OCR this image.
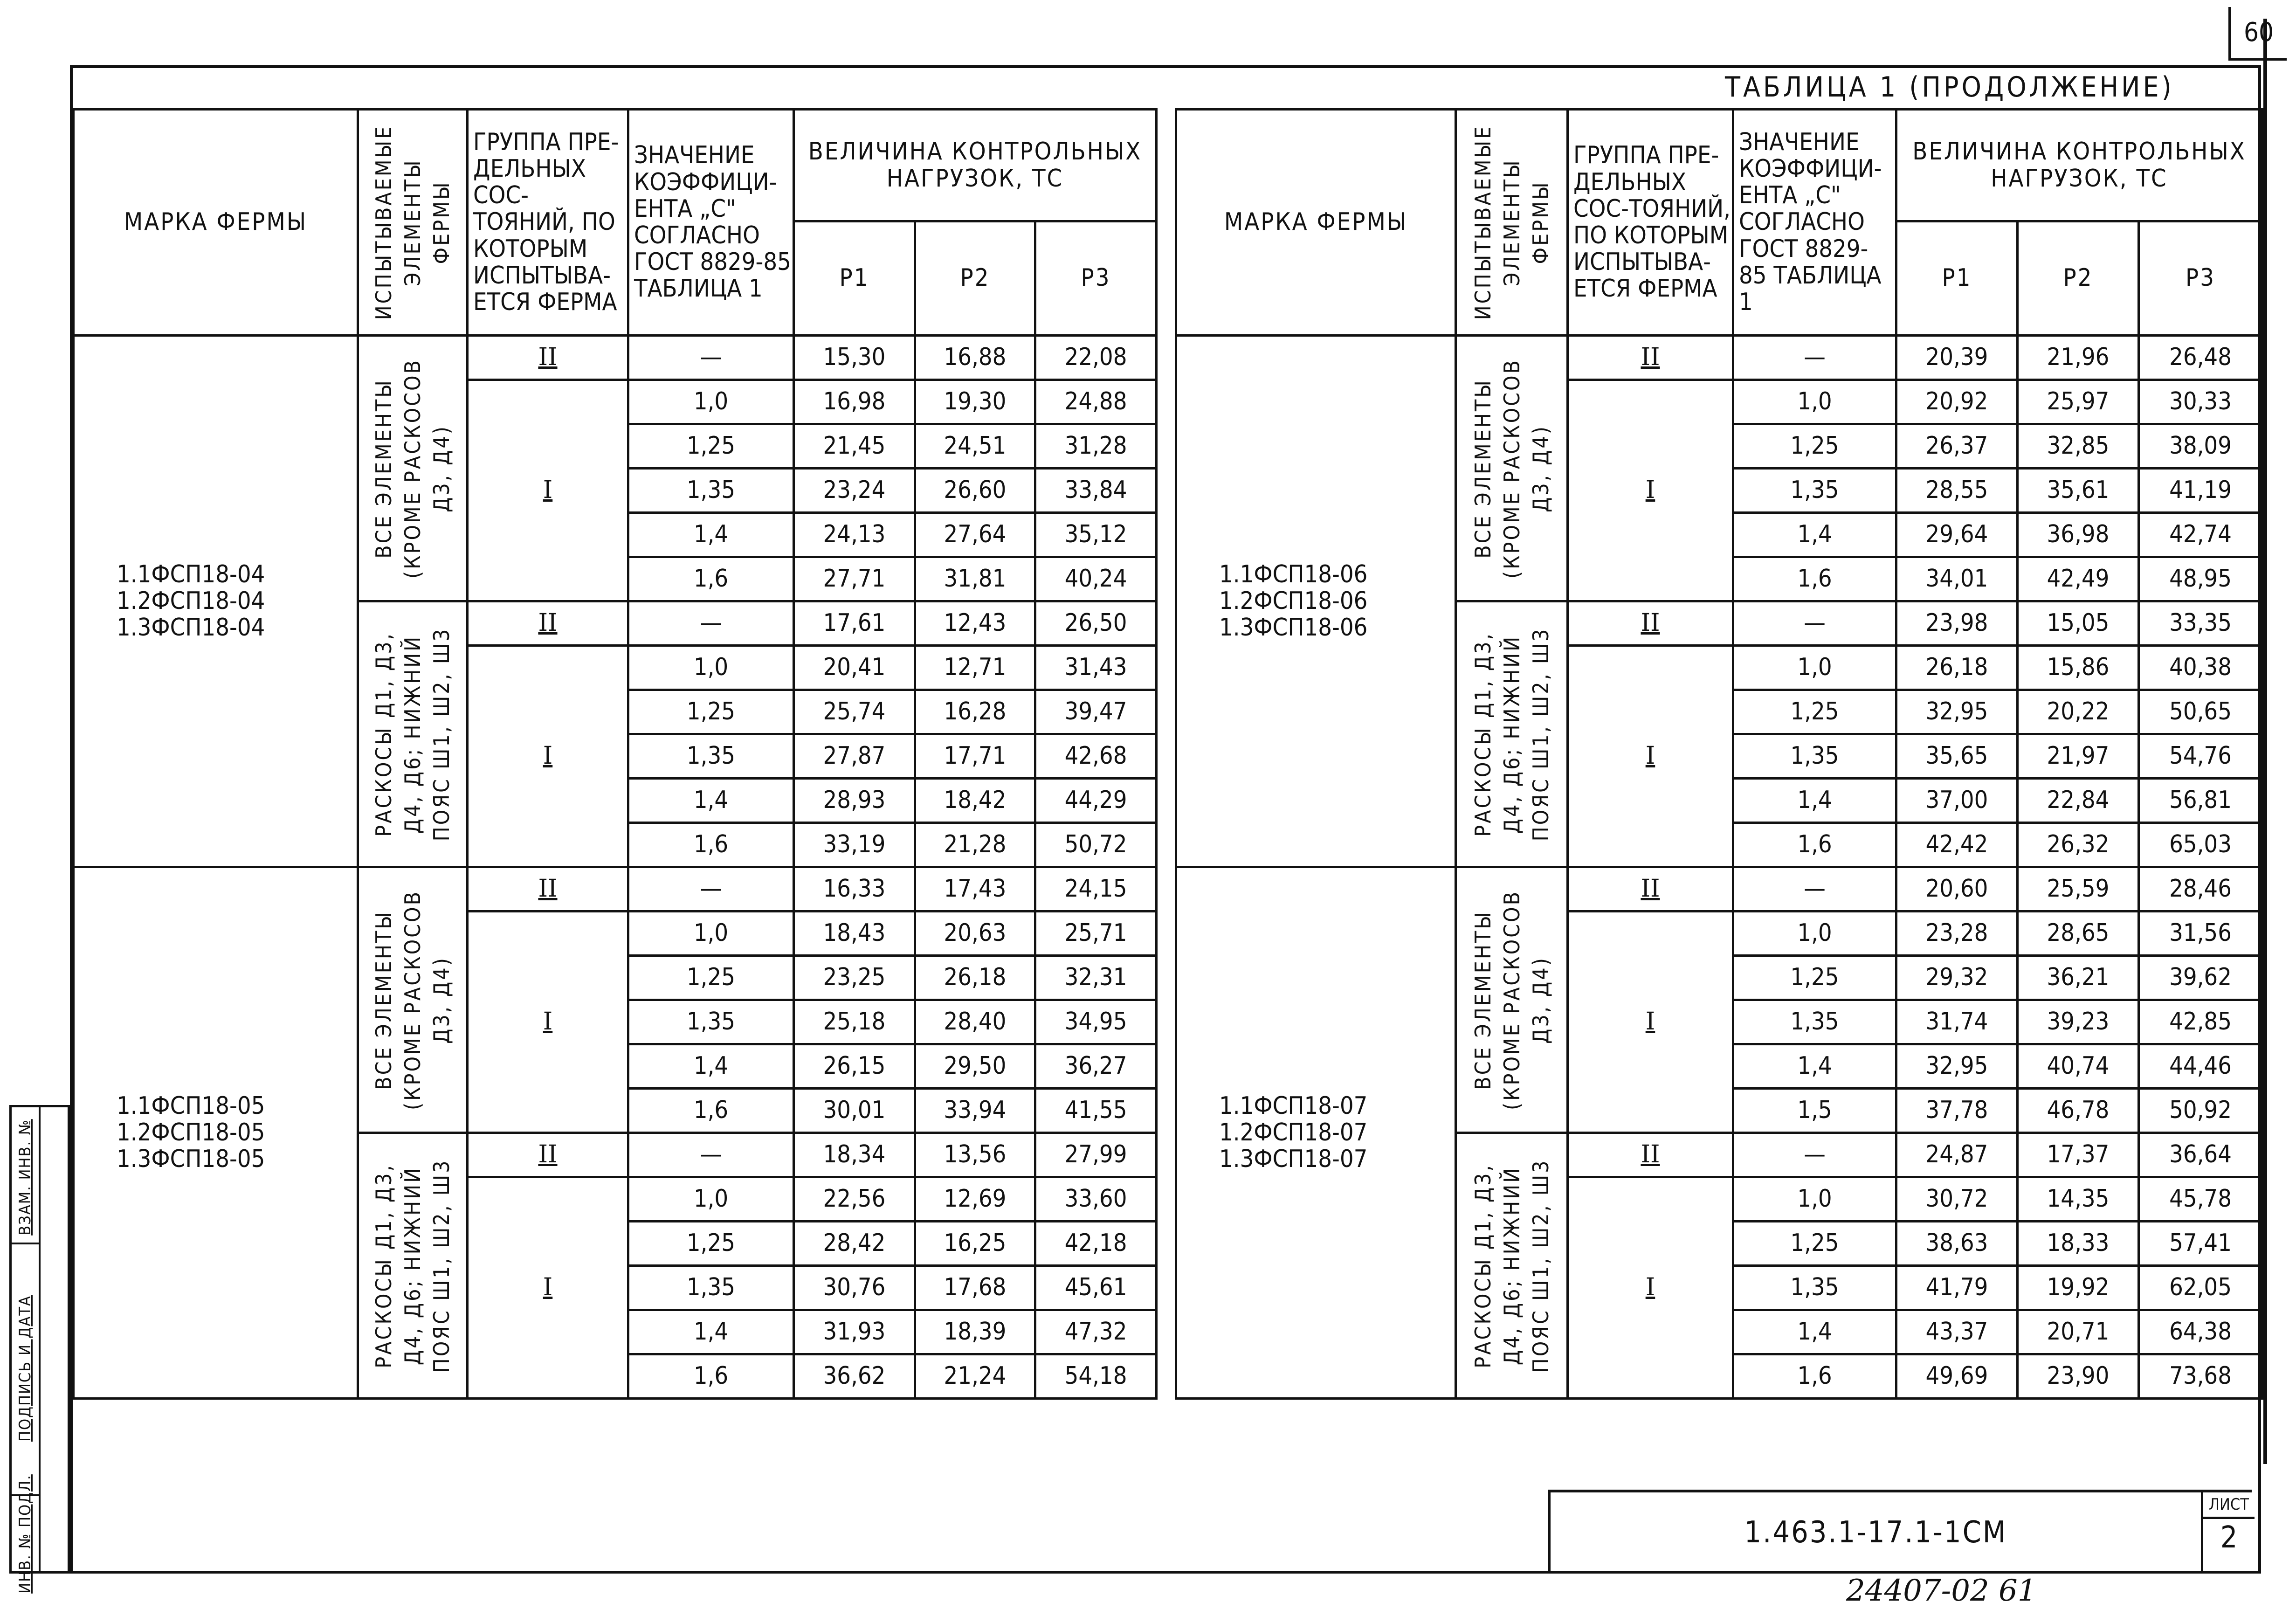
60
ТАБЛИЦА 1 (ПРОДОЛЖЕНИЕ)
МАРКА ФЕРМЫ	ИСПЫТЫВАЕМЫЕ ЭЛЕМЕНТЫ ФЕРМЫ	ГРУППА ПРЕ-ДЕЛЬНЫХ СОС-ТОЯНИЙ, ПО КОТОРЫМ ИСПЫТЫВА-ЕТСЯ ФЕРМА	ЗНАЧЕНИЕ КОЭФФИЦИ-ЕНТА „С" СОГЛАСНО ГОСТ 8829-85 ТАБЛИЦА 1	ВЕЛИЧИНА КОНТРОЛЬНЫХ НАГРУЗОК, ТС		
				P1	P2	P3

1.1ФСП18-04
1.2ФСП18-04
1.3ФСП18-04	ВСЕ ЭЛЕМЕНТЫ (КРОМЕ РАСКОСОВ Д3, Д4)	II	—	15,30	16,88	22,08
		I	1,0	16,98	19,30	24,88
			1,25	21,45	24,51	31,28
			1,35	23,24	26,60	33,84
			1,4	24,13	27,64	35,12
			1,6	27,71	31,81	40,24

	РАСКОСЫ Д1, Д3, Д4, Д6; НИЖНИЙ ПОЯС Ш1, Ш2, Ш3	II	—	17,61	12,43	26,50
		I	1,0	20,41	12,71	31,43
			1,25	25,74	16,28	39,47
			1,35	27,87	17,71	42,68
			1,4	28,93	18,42	44,29
			1,6	33,19	21,28	50,72

1.1ФСП18-05
1.2ФСП18-05
1.3ФСП18-05	ВСЕ ЭЛЕМЕНТЫ (КРОМЕ РАСКОСОВ Д3, Д4)	II	—	16,33	17,43	24,15
		I	1,0	18,43	20,63	25,71
			1,25	23,25	26,18	32,31
			1,35	25,18	28,40	34,95
			1,4	26,15	29,50	36,27
			1,6	30,01	33,94	41,55

	РАСКОСЫ Д1, Д3, Д4, Д6; НИЖНИЙ ПОЯС Ш1, Ш2, Ш3	II	—	18,34	13,56	27,99
		I	1,0	22,56	12,69	33,60
			1,25	28,42	16,25	42,18
			1,35	30,76	17,68	45,61
			1,4	31,93	18,39	47,32
			1,6	36,62	21,24	54,18
МАРКА ФЕРМЫ	ИСПЫТЫВАЕМЫЕ ЭЛЕМЕНТЫ ФЕРМЫ	ГРУППА ПРЕ-ДЕЛЬНЫХ СОС-ТОЯНИЙ, ПО КОТОРЫМ ИСПЫТЫВА-ЕТСЯ ФЕРМА	ЗНАЧЕНИЕ КОЭФФИЦИ-ЕНТА „С" СОГЛАСНО ГОСТ 8829-85 ТАБЛИЦА 1	ВЕЛИЧИНА КОНТРОЛЬНЫХ НАГРУЗОК, ТС		
				P1	P2	P3

1.1ФСП18-06
1.2ФСП18-06
1.3ФСП18-06	ВСЕ ЭЛЕМЕНТЫ (КРОМЕ РАСКОСОВ Д3, Д4)	II	—	20,39	21,96	26,48
		I	1,0	20,92	25,97	30,33
			1,25	26,37	32,85	38,09
			1,35	28,55	35,61	41,19
			1,4	29,64	36,98	42,74
			1,6	34,01	42,49	48,95

	РАСКОСЫ Д1, Д3, Д4, Д6; НИЖНИЙ ПОЯС Ш1, Ш2, Ш3	II	—	23,98	15,05	33,35
		I	1,0	26,18	15,86	40,38
			1,25	32,95	20,22	50,65
			1,35	35,65	21,97	54,76
			1,4	37,00	22,84	56,81
			1,6	42,42	26,32	65,03

1.1ФСП18-07
1.2ФСП18-07
1.3ФСП18-07	ВСЕ ЭЛЕМЕНТЫ (КРОМЕ РАСКОСОВ Д3, Д4)	II	—	20,60	25,59	28,46
		I	1,0	23,28	28,65	31,56
			1,25	29,32	36,21	39,62
			1,35	31,74	39,23	42,85
			1,4	32,95	40,74	44,46
			1,5	37,78	46,78	50,92

	РАСКОСЫ Д1, Д3, Д4, Д6; НИЖНИЙ ПОЯС Ш1, Ш2, Ш3	II	—	24,87	17,37	36,64
		I	1,0	30,72	14,35	45,78
			1,25	38,63	18,33	57,41
			1,35	41,79	19,92	62,05
			1,4	43,37	20,71	64,38
			1,6	49,69	23,90	73,68
1.463.1-17.1-1СМ
ЛИСТ
2
24407-02 61
ВЗАМ. ИНВ. №
ПОДПИСЬ И ДАТА
ИНВ. № ПОДЛ.
